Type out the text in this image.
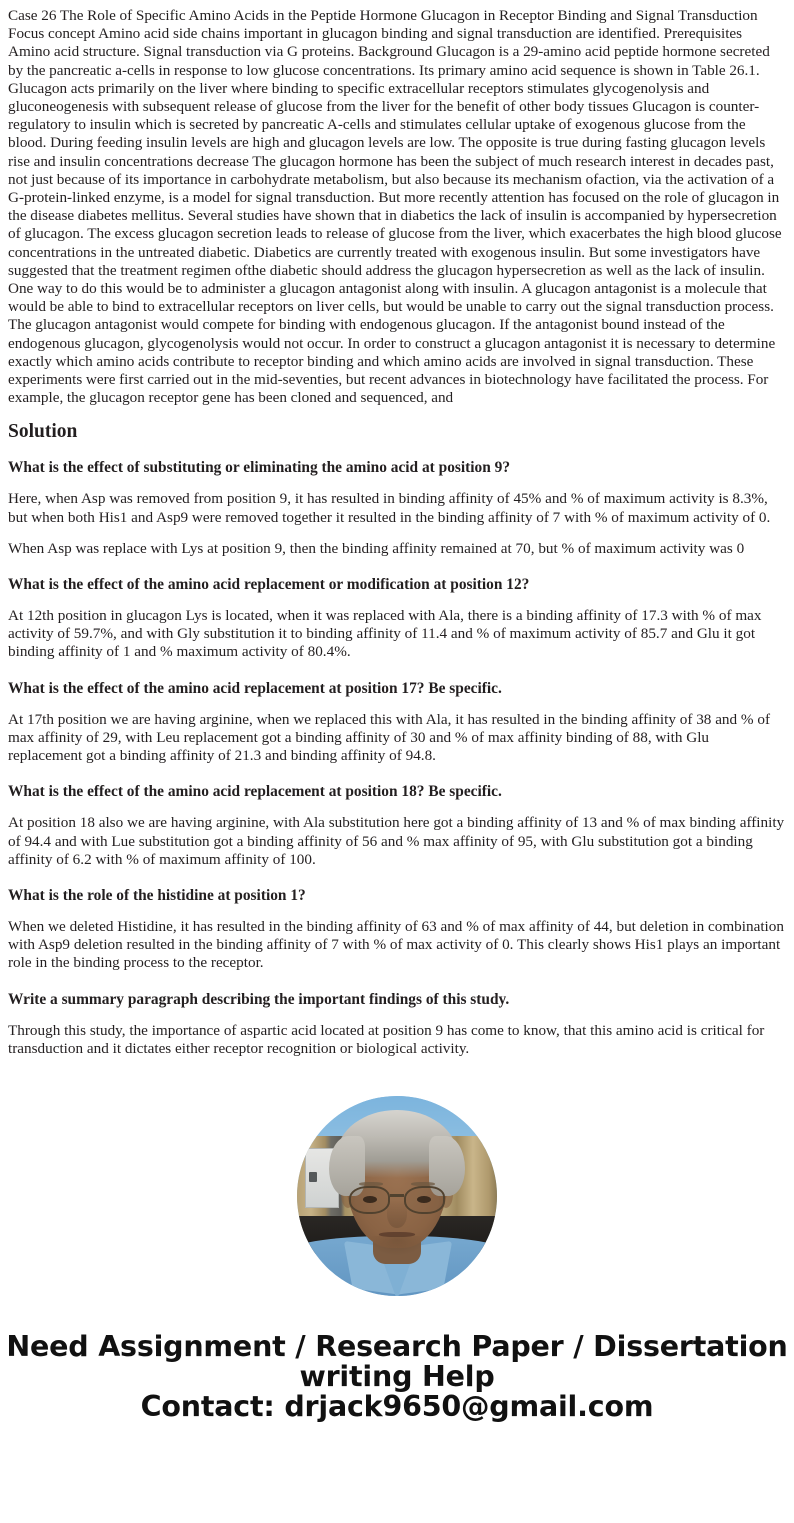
Case 26 The Role of Specific Amino Acids in the Peptide Hormone Glucagon in Receptor Binding and Signal Transduction Focus concept Amino acid side chains important in glucagon binding and signal transduction are identified. Prerequisites Amino acid structure. Signal transduction via G proteins. Background Glucagon is a 29-amino acid peptide hormone secreted by the pancreatic a-cells in response to low glucose concentrations. Its primary amino acid sequence is shown in Table 26.1. Glucagon acts primarily on the liver where binding to specific extracellular receptors stimulates glycogenolysis and gluconeogenesis with subsequent release of glucose from the liver for the benefit of other body tissues Glucagon is counter-regulatory to insulin which is secreted by pancreatic A-cells and stimulates cellular uptake of exogenous glucose from the blood. During feeding insulin levels are high and glucagon levels are low. The opposite is true during fasting glucagon levels rise and insulin concentrations decrease The glucagon hormone has been the subject of much research interest in decades past, not just because of its importance in carbohydrate metabolism, but also because its mechanism ofaction, via the activation of a G-protein-linked enzyme, is a model for signal transduction. But more recently attention has focused on the role of glucagon in the disease diabetes mellitus. Several studies have shown that in diabetics the lack of insulin is accompanied by hypersecretion of glucagon. The excess glucagon secretion leads to release of glucose from the liver, which exacerbates the high blood glucose concentrations in the untreated diabetic. Diabetics are currently treated with exogenous insulin. But some investigators have suggested that the treatment regimen ofthe diabetic should address the glucagon hypersecretion as well as the lack of insulin. One way to do this would be to administer a glucagon antagonist along with insulin. A glucagon antagonist is a molecule that would be able to bind to extracellular receptors on liver cells, but would be unable to carry out the signal transduction process. The glucagon antagonist would compete for binding with endogenous glucagon. If the antagonist bound instead of the endogenous glucagon, glycogenolysis would not occur. In order to construct a glucagon antagonist it is necessary to determine exactly which amino acids contribute to receptor binding and which amino acids are involved in signal transduction. These experiments were first carried out in the mid-seventies, but recent advances in biotechnology have facilitated the process. For example, the glucagon receptor gene has been cloned and sequenced, and

Solution
What is the effect of substituting or eliminating the amino acid at position 9?

Here, when Asp was removed from position 9, it has resulted in binding affinity of 45% and % of maximum activity is 8.3%, but when both His1 and Asp9 were removed together it resulted in the binding affinity of 7 with % of maximum activity of 0.

When Asp was replace with Lys at position 9, then the binding affinity remained at 70, but % of maximum activity was 0

What is the effect of the amino acid replacement or modification at position 12?

At 12th position in glucagon Lys is located, when it was replaced with Ala, there is a binding affinity of 17.3 with % of max activity of 59.7%, and with Gly substitution it to binding affinity of 11.4 and % of maximum activity of 85.7 and Glu it got binding affinity of 1 and % maximum activity of 80.4%.

What is the effect of the amino acid replacement at position 17? Be specific.

At 17th position we are having arginine, when we replaced this with Ala, it has resulted in the binding affinity of 38 and % of max affinity of 29, with Leu replacement got a binding affinity of 30 and % of max affinity binding of 88, with Glu replacement got a binding affinity of 21.3 and binding affinity of 94.8.

What is the effect of the amino acid replacement at position 18? Be specific.

At position 18 also we are having arginine, with Ala substitution here got a binding affinity of 13 and % of max binding affinity of 94.4 and with Lue substitution got a binding affinity of 56 and % max affinity of 95, with Glu substitution got a binding affinity of 6.2 with % of maximum affinity of 100.

What is the role of the histidine at position 1?

When we deleted Histidine, it has resulted in the binding affinity of 63 and % of max affinity of 44, but deletion in combination with Asp9 deletion resulted in the binding affinity of 7 with % of max activity of 0. This clearly shows His1 plays an important role in the binding process to the receptor.

Write a summary paragraph describing the important findings of this study.

Through this study, the importance of aspartic acid located at position 9 has come to know, that this amino acid is critical for transduction and it dictates either receptor recognition or biological activity.

Need Assignment / Research Paper / Dissertation
writing Help
Contact: drjack9650@gmail.com
